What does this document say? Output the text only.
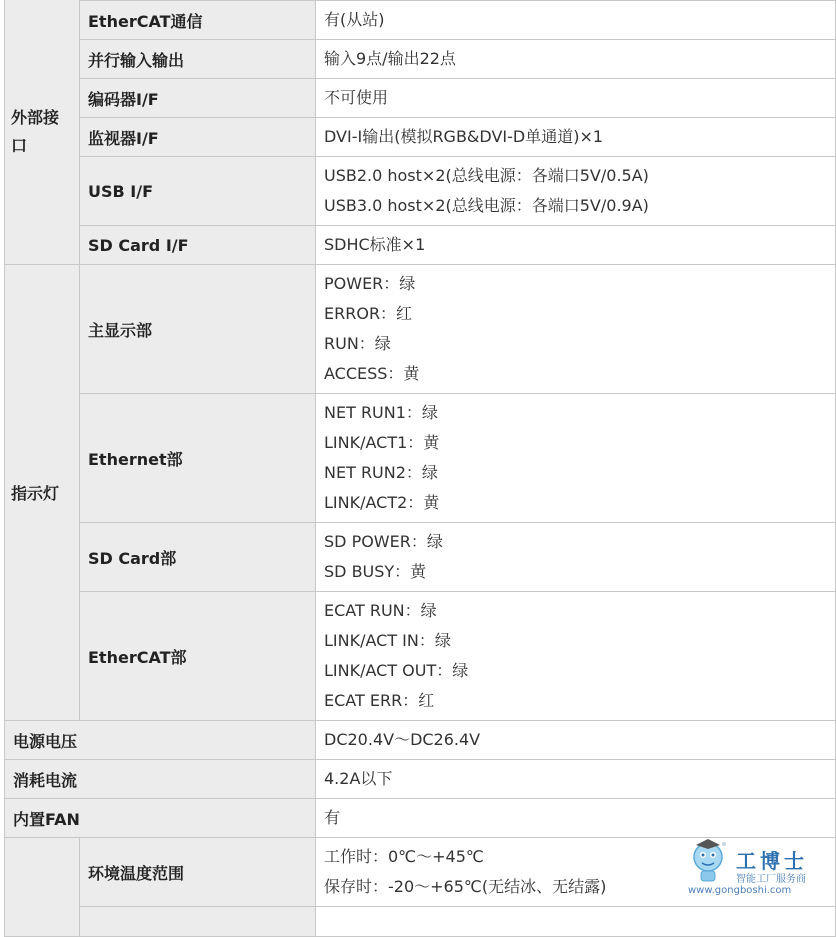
外部接口		

	EtherCAT通信	有(从站)

	并行输入输出	输入9点/输出22点

	编码器I/F	不可使用

	监视器I/F	DVI-I输出(模拟RGB&DVI-D单通道)×1

	USB I/F	USB2.0 host×2(总线电源：各端口5V/0.5A)
USB3.0 host×2(总线电源：各端口5V/0.9A)

	SD Card I/F	SDHC标准×1

指示灯	主显示部	POWER：绿
ERROR：红
RUN：绿
ACCESS：黄

	Ethernet部	NET RUN1：绿
LINK/ACT1：黄
NET RUN2：绿
LINK/ACT2：黄

	SD Card部	SD POWER：绿
SD BUSY：黄

	EtherCAT部	ECAT RUN：绿
LINK/ACT IN：绿
LINK/ACT OUT：绿
ECAT ERR：红

电源电压		DC20.4V～DC26.4V

消耗电流		4.2A以下

内置FAN		有

	环境温度范围	工作时：0℃～+45℃
保存时：-20～+65℃(无结冰、无结露)

工博士
智能工厂服务商
www.gongboshi.com
